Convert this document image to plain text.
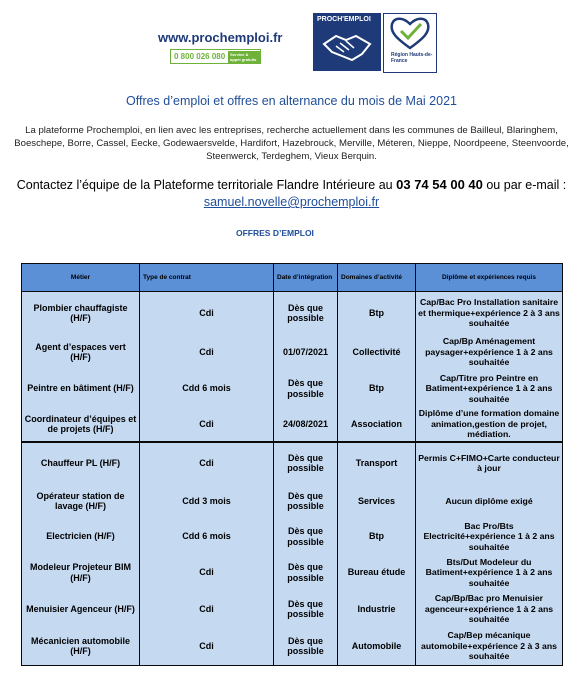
www.prochemploi.fr
0 800 026 080	Service & appel gratuits
PROCH'EMPLOI
Région Hauts-de-France
Offres d’emploi et offres en alternance du mois de Mai 2021
La plateforme Prochemploi, en lien avec les entreprises, recherche actuellement dans les communes de Bailleul, Blaringhem, Boeschepe, Borre, Cassel, Eecke, Godewaersvelde, Hardifort, Hazebrouck, Merville, Méteren, Nieppe, Noordpeene, Steenvoorde, Steenwerck, Terdeghem, Vieux Berquin.
Contactez l’équipe de la Plateforme territoriale Flandre Intérieure au 03 74 54 00 40 ou par e-mail :
samuel.novelle@prochemploi.fr
OFFRES D’EMPLOI
Métier	Type de contrat	Date d’intégration	Domaines d’activité	Diplôme et expériences requis
Plombier chauffagiste (H/F)	Cdi	Dès que possible	Btp	Cap/Bac Pro Installation sanitaire et thermique+expérience 2 à 3 ans souhaitée
Agent d’espaces vert (H/F)	Cdi	01/07/2021	Collectivité	Cap/Bp Aménagement paysager+expérience 1 à 2 ans souhaitée
Peintre en bâtiment (H/F)	Cdd 6 mois	Dès que possible	Btp	Cap/Titre pro Peintre en Batiment+expérience 1 à 2 ans souhaitée
Coordinateur d’équipes et de projets (H/F)	Cdi	24/08/2021	Association	Diplôme d’une formation domaine animation,gestion de projet, médiation.
Chauffeur PL (H/F)	Cdi	Dès que possible	Transport	Permis C+FIMO+Carte conducteur à jour
Opérateur station de lavage (H/F)	Cdd 3 mois	Dès que possible	Services	Aucun diplôme exigé
Electricien (H/F)	Cdd 6 mois	Dès que possible	Btp	Bac Pro/Bts Electricité+expérience 1 à 2 ans souhaitée
Modeleur Projeteur BIM (H/F)	Cdi	Dès que possible	Bureau étude	Bts/Dut Modeleur du Batiment+expérience 1 à 2 ans souhaitée
Menuisier Agenceur (H/F)	Cdi	Dès que possible	Industrie	Cap/Bp/Bac pro Menuisier agenceur+expérience 1 à 2 ans souhaitée
Mécanicien automobile (H/F)	Cdi	Dès que possible	Automobile	Cap/Bep mécanique automobile+expérience 2 à 3 ans souhaitée
